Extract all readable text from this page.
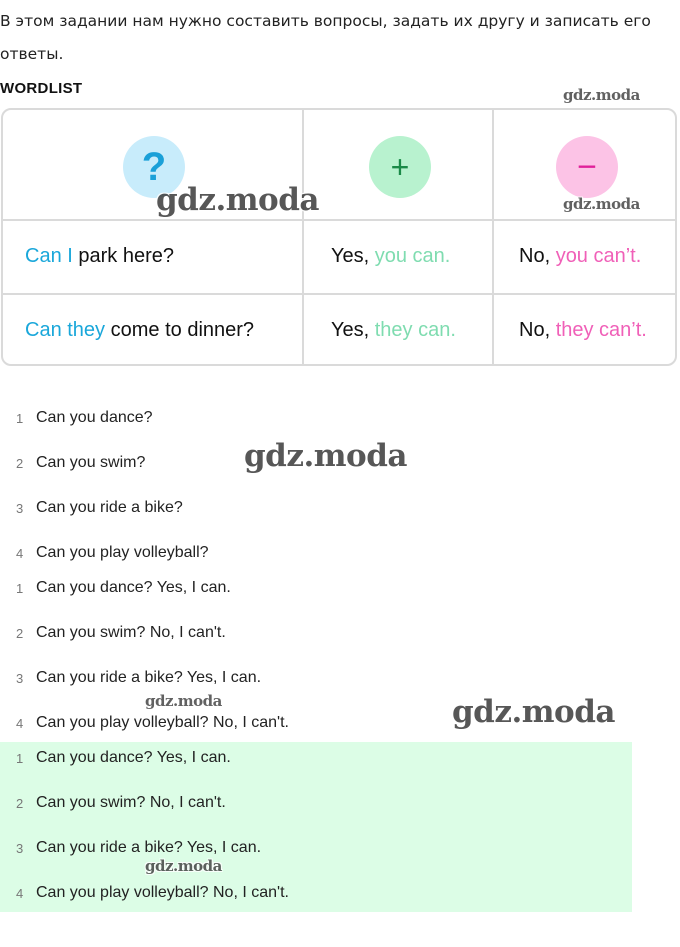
В этом задании нам нужно составить вопросы, задать их другу и записать его ответы.
WORDLIST
?	+	−
Can I park here?	Yes, you can.	No, you can’t.
Can they come to dinner?	Yes, they can.	No, they can’t.
1 Can you dance?
2 Can you swim?
3 Can you ride a bike?
4 Can you play volleyball?
1 Can you dance? Yes, I can.
2 Can you swim? No, I can't.
3 Can you ride a bike? Yes, I can.
4 Can you play volleyball? No, I can't.
1 Can you dance? Yes, I can.
2 Can you swim? No, I can't.
3 Can you ride a bike? Yes, I can.
4 Can you play volleyball? No, I can't.
gdz.moda
gdz.moda	gdz.moda
gdz.moda
gdz.moda	gdz.moda
gdz.moda
